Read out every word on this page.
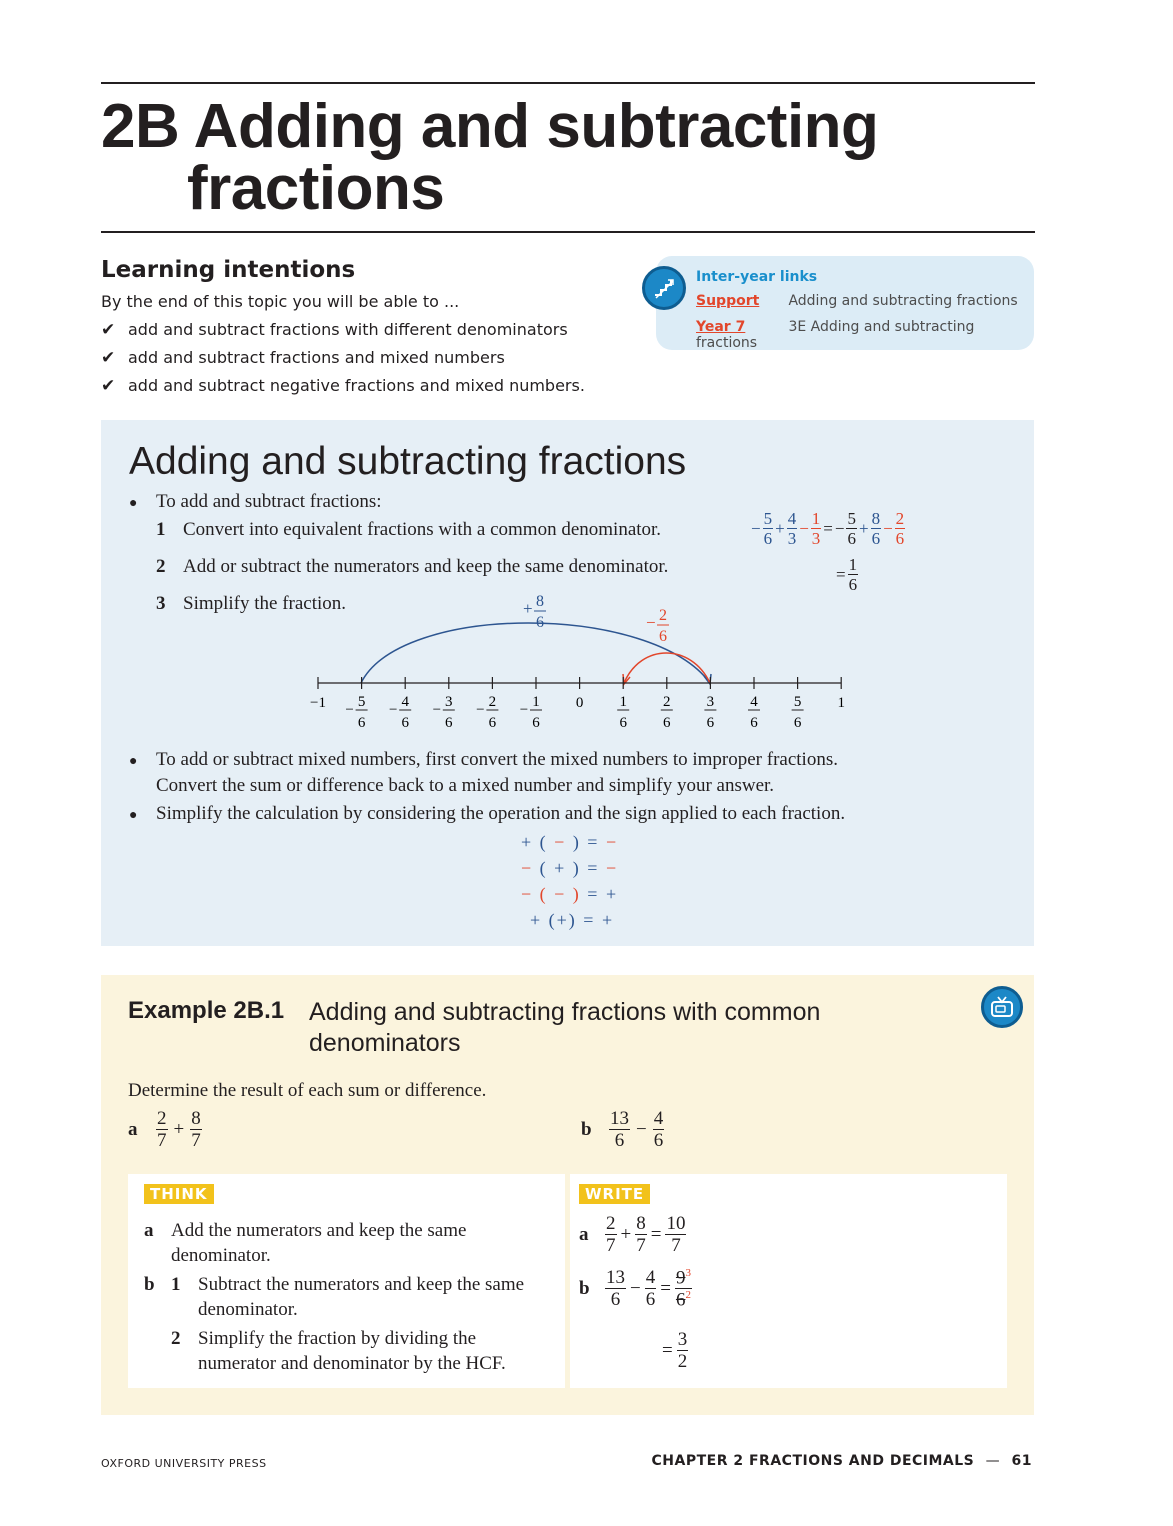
2B Adding and subtracting
fractions
Learning intentions
By the end of this topic you will be able to ...
✔ add and subtract fractions with different denominators
✔ add and subtract fractions and mixed numbers
✔ add and subtract negative fractions and mixed numbers.
Inter-year links
Support Adding and subtracting fractions
Year 7	3E Adding and subtracting fractions
Adding and subtracting fractions
● To add and subtract fractions:
1 Convert into equivalent fractions with a common denominator.
2 Add or subtract the numerators and keep the same denominator.
3 Simplify the fraction.
− $\frac{5}{6} + \frac{4}{3} - \frac{1}{3}$ = − $\frac{5}{6} + \frac{8}{6} - \frac{2}{6}$
= $\frac{1}{6}$
+ 8
6	− 2
6
−1 − 5
6
− 4
6
− 3
6
− 2
6
− 1
6
0 1
6
2
6
3
6
4
6
5
6
1
● To add or subtract mixed numbers, first convert the mixed numbers to improper fractions.
Convert the sum or difference back to a mixed number and simplify your answer.
● Simplify the calculation by considering the operation and the sign applied to each fraction.
+ ( − ) = −
− ( + ) = −
− ( − ) = +
+ (+) = +
Example 2B.1 Adding and subtracting fractions with common denominators
Determine the result of each sum or difference.
a $\frac{2}{7} + \frac{8}{7}$	b $\frac{13}{6} - \frac{4}{6}$
THINK
a Add the numerators and keep the same
denominator.
b 1 Subtract the numerators and keep the same
denominator.
2 Simplify the fraction by dividing the
numerator and denominator by the HCF.
WRITE
a $\frac{2}{7} + \frac{8}{7} = \frac{10}{7}$
b $\frac{13}{6} - \frac{4}{6} = \frac{9^3}{6^2}$
= $\frac{3}{2}$
OXFORD UNIVERSITY PRESS	CHAPTER 2 FRACTIONS AND DECIMALS — 61
